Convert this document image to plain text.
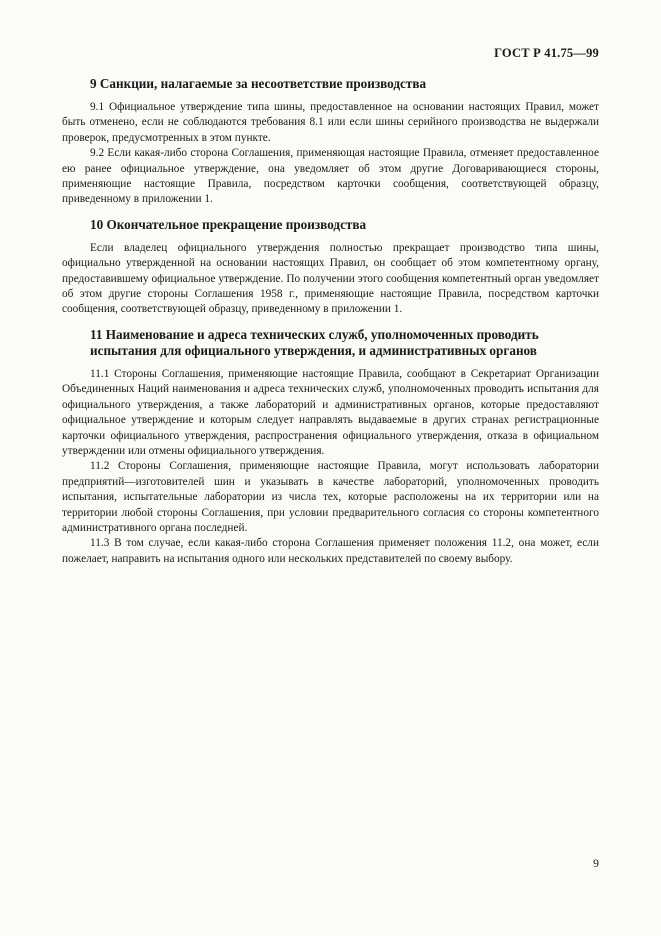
ГОСТ Р 41.75—99
9 Санкции, налагаемые за несоответствие производства

9.1 Официальное утверждение типа шины, предоставленное на основании настоящих Правил, может быть отменено, если не соблюдаются требования 8.1 или если шины серийного производства не выдержали проверок, предусмотренных в этом пункте.

9.2 Если какая-либо сторона Соглашения, применяющая настоящие Правила, отменяет предоставленное ею ранее официальное утверждение, она уведомляет об этом другие Договаривающиеся стороны, применяющие настоящие Правила, посредством карточки сообщения, соответствующей образцу, приведенному в приложении 1.

10 Окончательное прекращение производства

Если владелец официального утверждения полностью прекращает производство типа шины, официально утвержденной на основании настоящих Правил, он сообщает об этом компетентному органу, предоставившему официальное утверждение. По получении этого сообщения компетентный орган уведомляет об этом другие стороны Соглашения 1958 г., применяющие настоящие Правила, посредством карточки сообщения, соответствующей образцу, приведенному в приложении 1.

11 Наименование и адреса технических служб, уполномоченных проводить испытания для официального утверждения, и административных органов

11.1 Стороны Соглашения, применяющие настоящие Правила, сообщают в Секретариат Организации Объединенных Наций наименования и адреса технических служб, уполномоченных проводить испытания для официального утверждения, а также лабораторий и административных органов, которые предоставляют официальное утверждение и которым следует направлять выдаваемые в других странах регистрационные карточки официального утверждения, распространения официального утверждения, отказа в официальном утверждении или отмены официального утверждения.

11.2 Стороны Соглашения, применяющие настоящие Правила, могут использовать лаборатории предприятий—изготовителей шин и указывать в качестве лабораторий, уполномоченных проводить испытания, испытательные лаборатории из числа тех, которые расположены на их территории или на территории любой стороны Соглашения, при условии предварительного согласия со стороны компетентного административного органа последней.

11.3 В том случае, если какая-либо сторона Соглашения применяет положения 11.2, она может, если пожелает, направить на испытания одного или нескольких представителей по своему выбору.

9
